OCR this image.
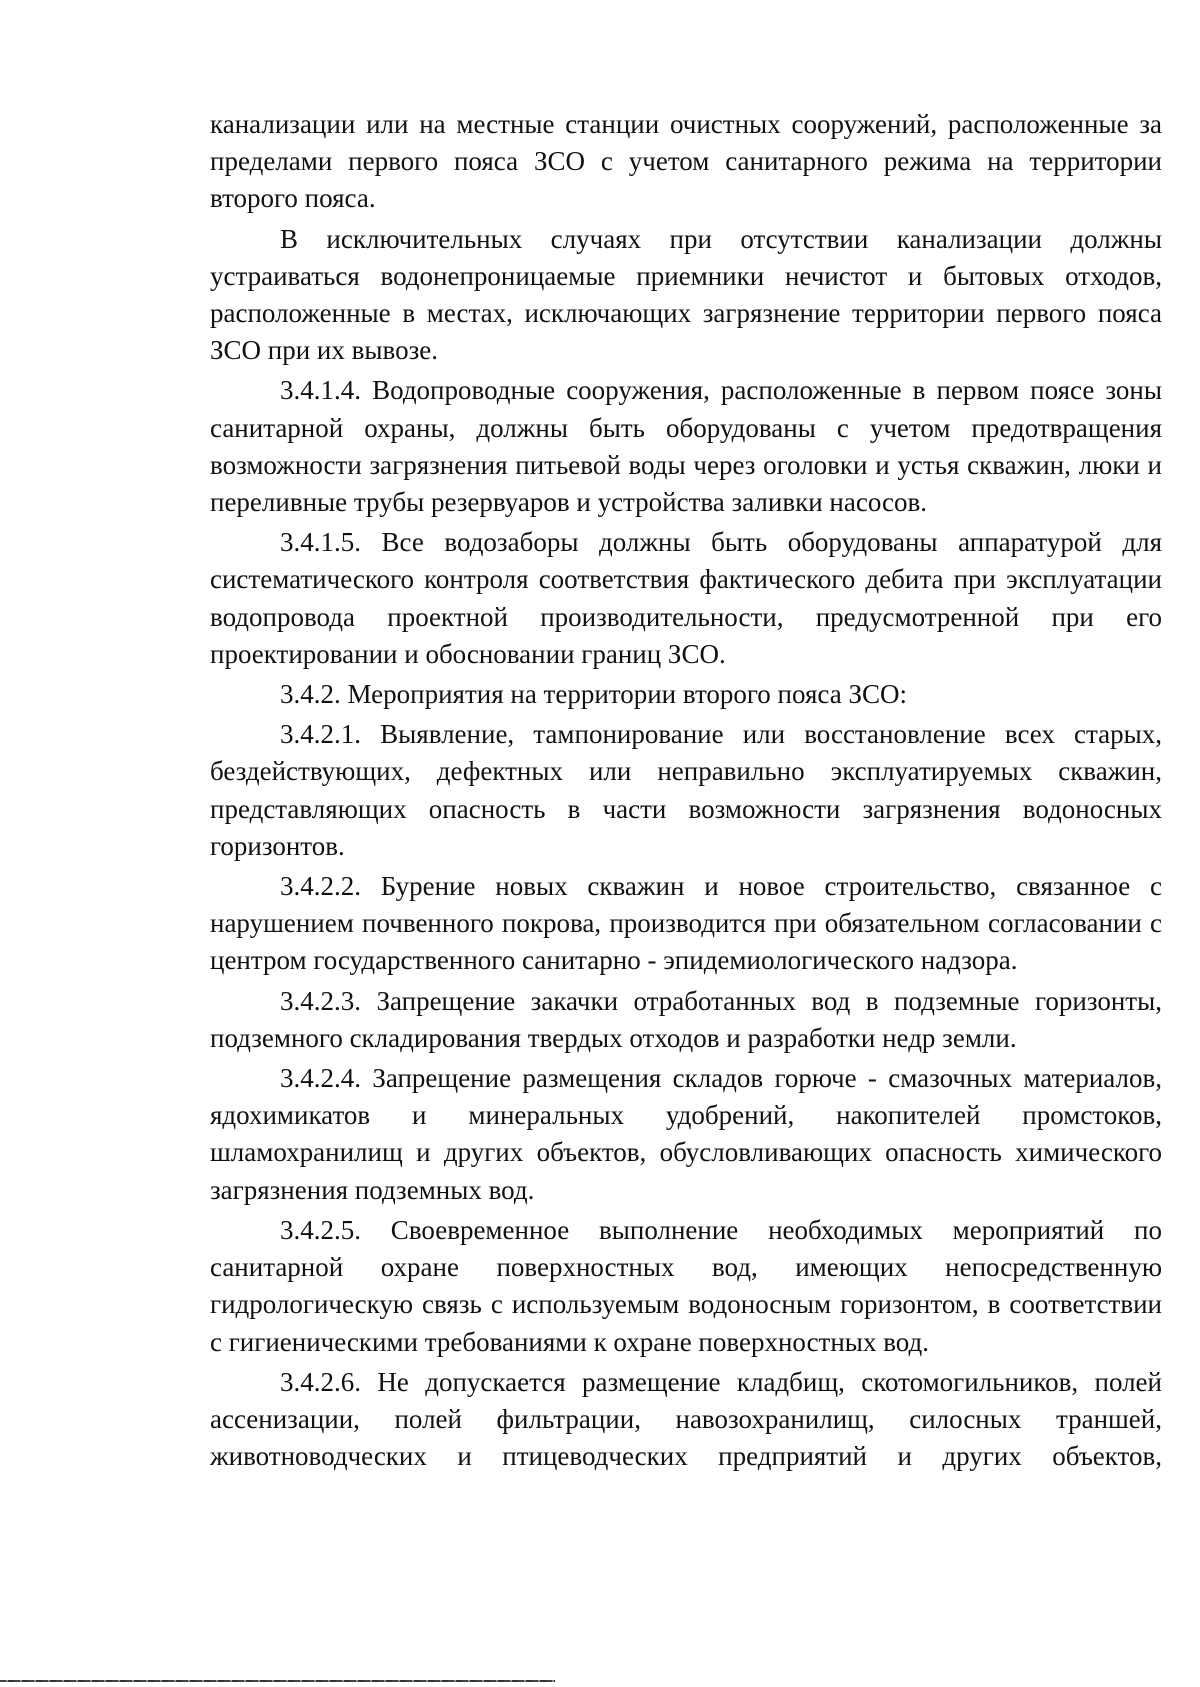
канализации или на местные станции очистных сооружений, расположенные за пределами первого пояса ЗСО с учетом санитарного режима на территории второго пояса.

В исключительных случаях при отсутствии канализации должны устраиваться водонепроницаемые приемники нечистот и бытовых отходов, расположенные в местах, исключающих загрязнение территории первого пояса ЗСО при их вывозе.

3.4.1.4. Водопроводные сооружения, расположенные в первом поясе зоны санитарной охраны, должны быть оборудованы с учетом предотвращения возможности загрязнения питьевой воды через оголовки и устья скважин, люки и переливные трубы резервуаров и устройства заливки насосов.

3.4.1.5. Все водозаборы должны быть оборудованы аппаратурой для систематического контроля соответствия фактического дебита при эксплуатации водопровода проектной производительности, предусмотренной при его проектировании и обосновании границ ЗСО.

3.4.2. Мероприятия на территории второго пояса ЗСО:

3.4.2.1. Выявление, тампонирование или восстановление всех старых, бездействующих, дефектных или неправильно эксплуатируемых скважин, представляющих опасность в части возможности загрязнения водоносных горизонтов.

3.4.2.2. Бурение новых скважин и новое строительство, связанное с нарушением почвенного покрова, производится при обязательном согласовании с центром государственного санитарно - эпидемиологического надзора.

3.4.2.3. Запрещение закачки отработанных вод в подземные горизонты, подземного складирования твердых отходов и разработки недр земли.

3.4.2.4. Запрещение размещения складов горюче - смазочных материалов, ядохимикатов и минеральных удобрений, накопителей промстоков, шламохранилищ и других объектов, обусловливающих опасность химического загрязнения подземных вод.

3.4.2.5. Своевременное выполнение необходимых мероприятий по санитарной охране поверхностных вод, имеющих непосредственную гидрологическую связь с используемым водоносным горизонтом, в соответствии с гигиеническими требованиями к охране поверхностных вод.

3.4.2.6. Не допускается размещение кладбищ, скотомогильников, полей ассенизации, полей фильтрации, навозохранилищ, силосных траншей, животноводческих и птицеводческих предприятий и других объектов,
